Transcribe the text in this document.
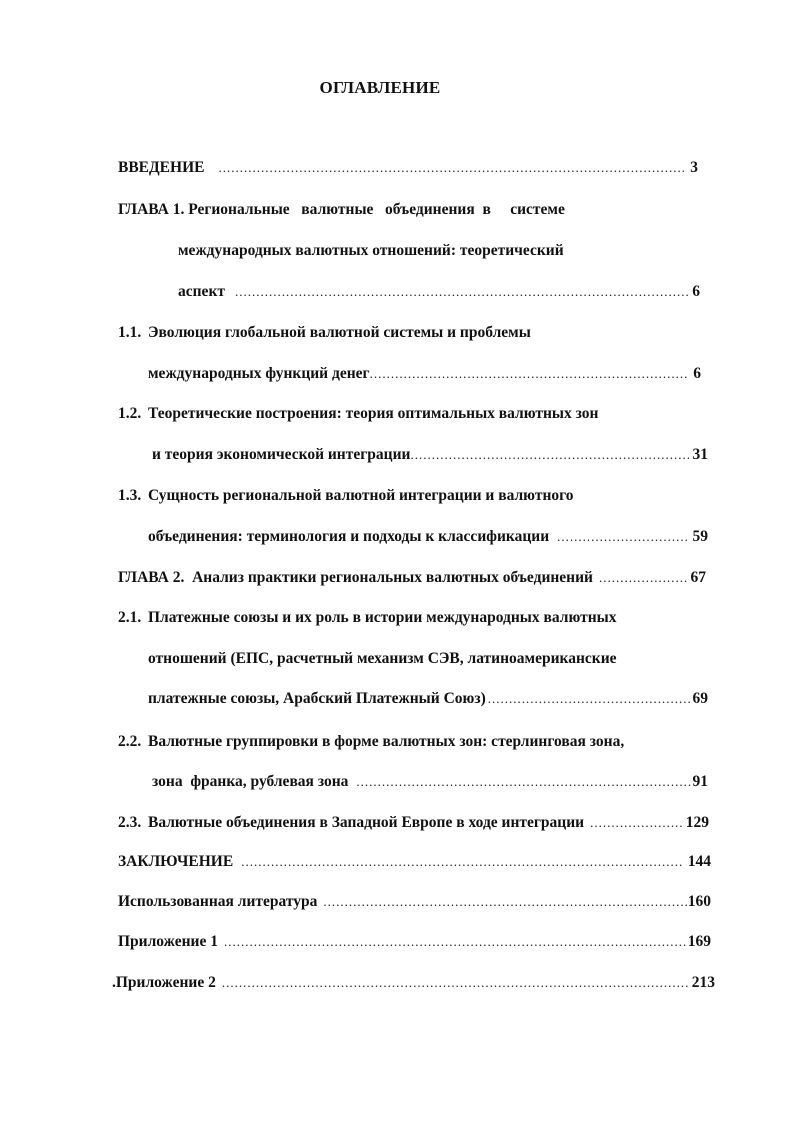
ОГЛАВЛЕНИЕ
ВВЕДЕНИЕ .....	3
ГЛАВА 1. Региональные   валютные   объединения  в     системе
международных валютных отношений: теоретический
аспект .....	6
1.1. Эволюция глобальной валютной системы и проблемы
международных функций денег .....	6
1.2. Теоретические построения: теория оптимальных валютных зон
и теория экономической интеграции .....	31
1.3. Сущность региональной валютной интеграции и валютного
объединения: терминология и подходы к классификации .....	59
ГЛАВА 2.  Анализ практики региональных валютных объединений .....	67
2.1. Платежные союзы и их роль в истории международных валютных
отношений (ЕПС, расчетный механизм СЭВ, латиноамериканские
платежные союзы, Арабский Платежный Союз) .....	69
2.2. Валютные группировки в форме валютных зон: стерлинговая зона,
зона  франка, рублевая зона .....	91
2.3. Валютные объединения в Западной Европе в ходе интеграции .....	129
ЗАКЛЮЧЕНИЕ .....	144
Использованная литература .....	160
Приложение 1 .....	169
.Приложение 2 .....	213
